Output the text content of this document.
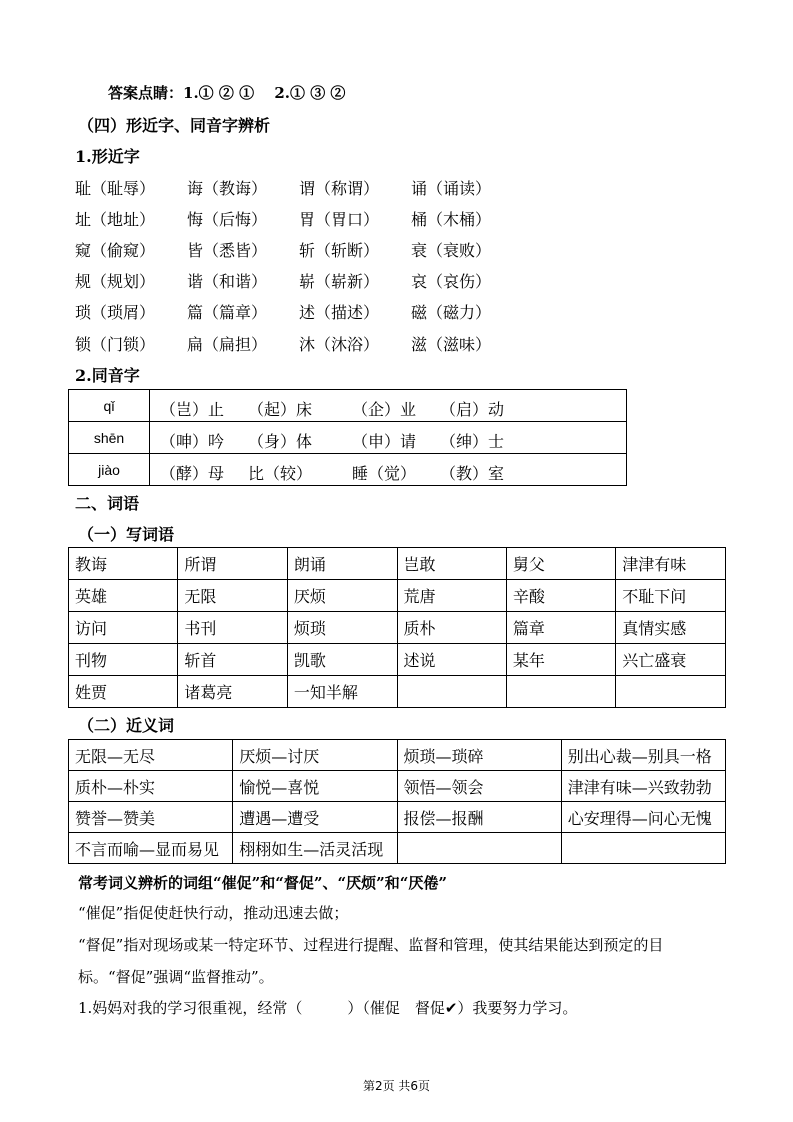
答案点睛：1.① ② ①　 2.① ③ ②
（四）形近字、同音字辨析
1.形近字
耻（耻辱） 诲（教诲） 谓（称谓） 诵（诵读）
址（地址） 悔（后悔） 胃（胃口） 桶（木桶）
窥（偷窥） 皆（悉皆） 斩（斩断） 衰（衰败）
规（规划） 谐（和谐） 崭（崭新） 哀（哀伤）
琐（琐屑） 篇（篇章） 述（描述） 磁（磁力）
锁（门锁） 扁（扁担） 沐（沐浴） 滋（滋味）
2.同音字
qǐ	（岂）止 （起）床 （企）业 （启）动

shēn	（呻）吟 （身）体 （申）请 （绅）士

jiào	（酵）母 比（较） 睡（觉） （教）室
二、词语
（一）写词语
教诲	所谓	朗诵	岂敢	舅父	津津有味
英雄	无限	厌烦	荒唐	辛酸	不耻下问
访问	书刊	烦琐	质朴	篇章	真情实感
刊物	斩首	凯歌	述说	某年	兴亡盛衰
姓贾	诸葛亮	一知半解			
（二）近义词
无限—无尽	厌烦—讨厌	烦琐—琐碎	别出心裁—别具一格
质朴—朴实	愉悦—喜悦	领悟—领会	津津有味—兴致勃勃
赞誉—赞美	遭遇—遭受	报偿—报酬	心安理得—问心无愧
不言而喻—显而易见	栩栩如生—活灵活现		
常考词义辨析的词组“催促”和“督促”、“厌烦”和“厌倦”
“催促”指促使赶快行动，推动迅速去做；
“督促”指对现场或某一特定环节、过程进行提醒、监督和管理，使其结果能达到预定的目
标。“督促”强调“监督推动”。
1.妈妈对我的学习很重视，经常（　　　）（催促　督促✔）我要努力学习。
第2页 共6页
